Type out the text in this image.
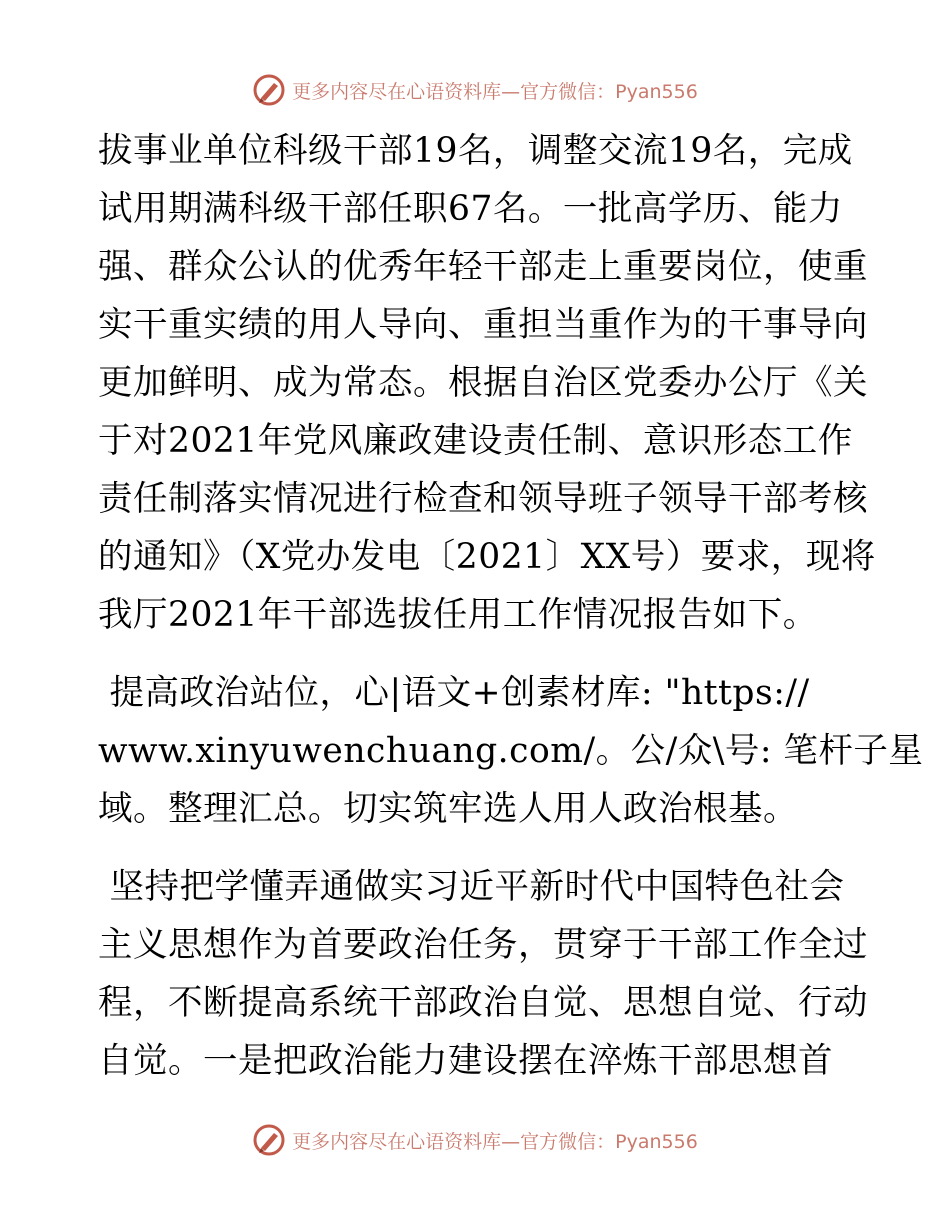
更多内容尽在心语资料库—官方微信：Pyan556
拔事业单位科级干部19名，调整交流19名，完成
试用期满科级干部任职67名。一批高学历、能力
强、群众公认的优秀年轻干部走上重要岗位，使重
实干重实绩的用人导向、重担当重作为的干事导向
更加鲜明、成为常态。根据自治区党委办公厅《关
于对2021年党风廉政建设责任制、意识形态工作
责任制落实情况进行检查和领导班子领导干部考核
的通知》（X党办发电〔2021〕XX号）要求，现将
我厅2021年干部选拔任用工作情况报告如下。
提高政治站位，心|语文+创素材库: "https://
www.xinyuwenchuang.com/。公/众\号: 笔杆子星
域。整理汇总。切实筑牢选人用人政治根基。
坚持把学懂弄通做实习近平新时代中国特色社会
主义思想作为首要政治任务，贯穿于干部工作全过
程，不断提高系统干部政治自觉、思想自觉、行动
自觉。一是把政治能力建设摆在淬炼干部思想首
更多内容尽在心语资料库—官方微信：Pyan556
